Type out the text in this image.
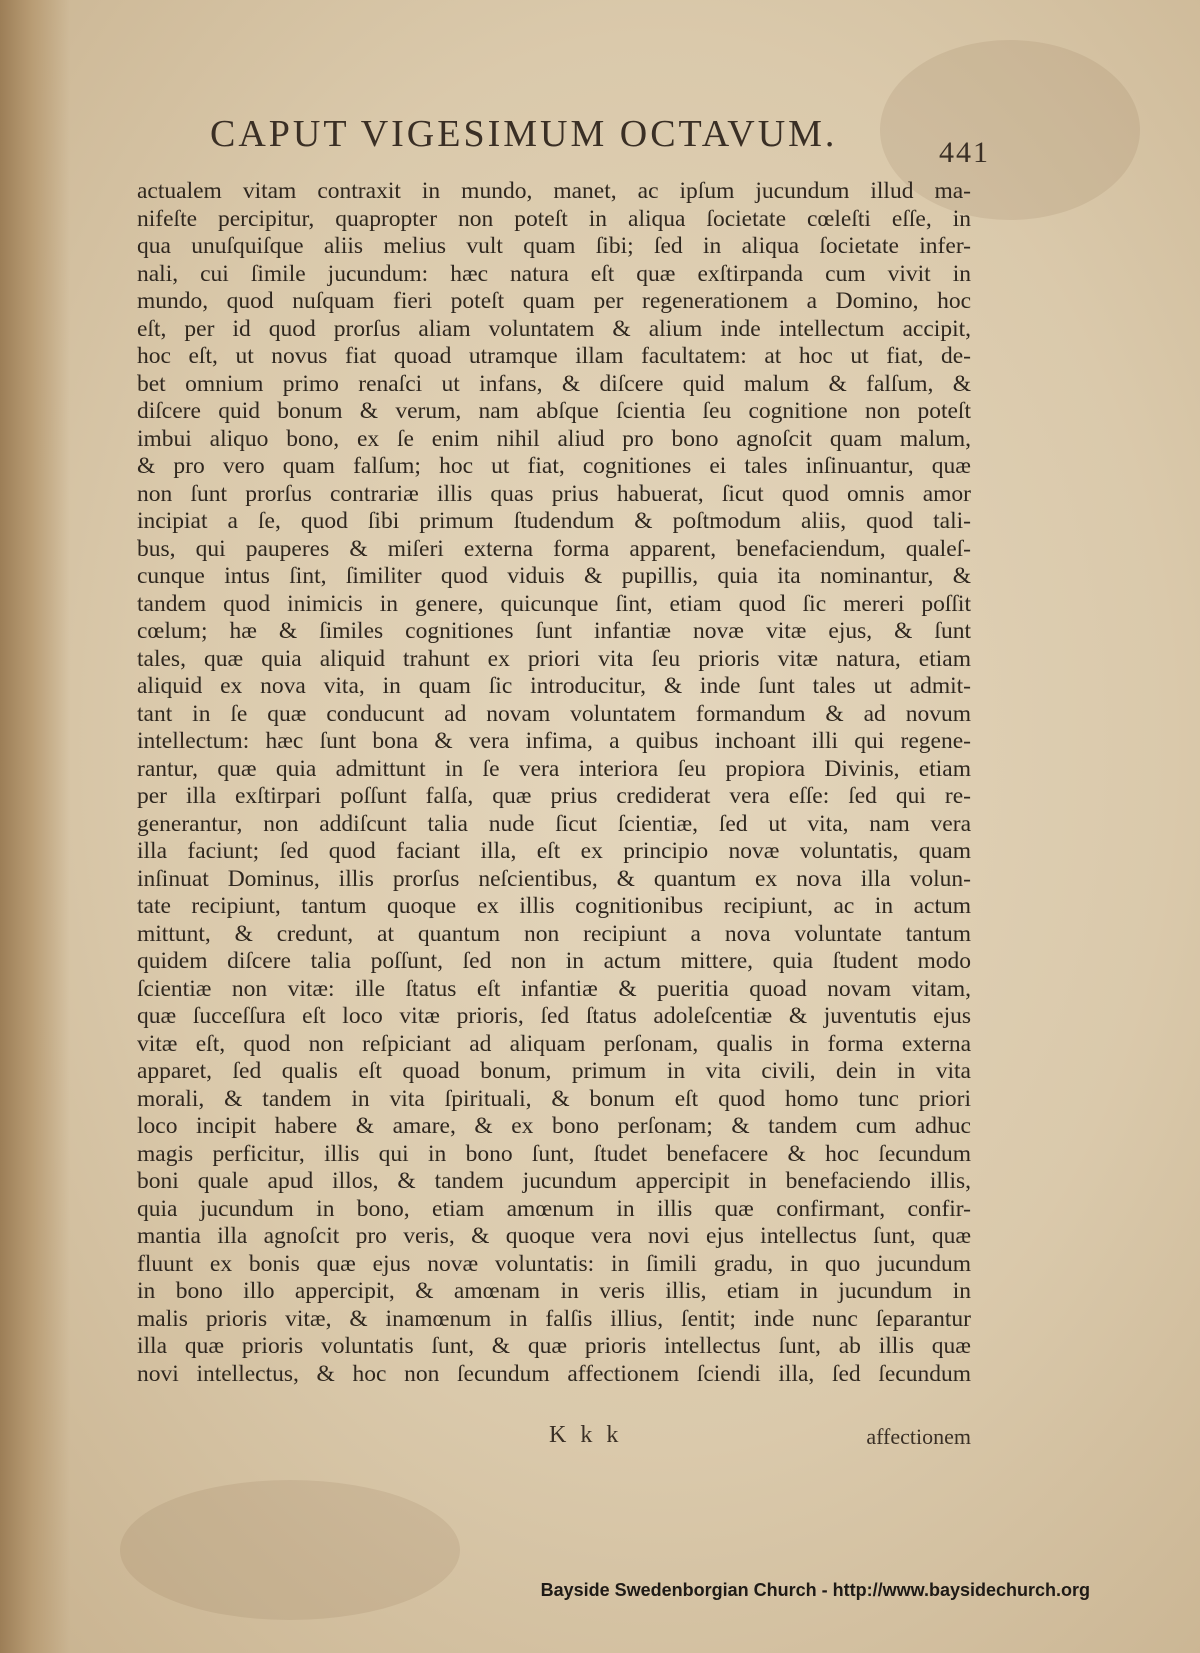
CAPUT VIGESIMUM OCTAVUM.	441
actualem vitam contraxit in mundo, manet, ac ipſum jucundum illud ma-
nifeſte percipitur, quapropter non poteſt in aliqua ſocietate cœleſti eſſe, in
qua unuſquiſque aliis melius vult quam ſibi; ſed in aliqua ſocietate infer-
nali, cui ſimile jucundum: hæc natura eſt quæ exſtirpanda cum vivit in
mundo, quod nuſquam fieri poteſt quam per regenerationem a Domino, hoc
eſt, per id quod prorſus aliam voluntatem & alium inde intellectum accipit,
hoc eſt, ut novus fiat quoad utramque illam facultatem: at hoc ut fiat, de-
bet omnium primo renaſci ut infans, & diſcere quid malum & falſum, &
diſcere quid bonum & verum, nam abſque ſcientia ſeu cognitione non poteſt
imbui aliquo bono, ex ſe enim nihil aliud pro bono agnoſcit quam malum,
& pro vero quam falſum; hoc ut fiat, cognitiones ei tales inſinuantur, quæ
non ſunt prorſus contrariæ illis quas prius habuerat, ſicut quod omnis amor
incipiat a ſe, quod ſibi primum ſtudendum & poſtmodum aliis, quod tali-
bus, qui pauperes & miſeri externa forma apparent, benefaciendum, qualeſ-
cunque intus ſint, ſimiliter quod viduis & pupillis, quia ita nominantur, &
tandem quod inimicis in genere, quicunque ſint, etiam quod ſic mereri poſſit
cœlum; hæ & ſimiles cognitiones ſunt infantiæ novæ vitæ ejus, & ſunt
tales, quæ quia aliquid trahunt ex priori vita ſeu prioris vitæ natura, etiam
aliquid ex nova vita, in quam ſic introducitur, & inde ſunt tales ut admit-
tant in ſe quæ conducunt ad novam voluntatem formandum & ad novum
intellectum: hæc ſunt bona & vera infima, a quibus inchoant illi qui regene-
rantur, quæ quia admittunt in ſe vera interiora ſeu propiora Divinis, etiam
per illa exſtirpari poſſunt falſa, quæ prius crediderat vera eſſe: ſed qui re-
generantur, non addiſcunt talia nude ſicut ſcientiæ, ſed ut vita, nam vera
illa faciunt; ſed quod faciant illa, eſt ex principio novæ voluntatis, quam
inſinuat Dominus, illis prorſus neſcientibus, & quantum ex nova illa volun-
tate recipiunt, tantum quoque ex illis cognitionibus recipiunt, ac in actum
mittunt, & credunt, at quantum non recipiunt a nova voluntate tantum
quidem diſcere talia poſſunt, ſed non in actum mittere, quia ſtudent modo
ſcientiæ non vitæ: ille ſtatus eſt infantiæ & pueritia quoad novam vitam,
quæ ſucceſſura eſt loco vitæ prioris, ſed ſtatus adoleſcentiæ & juventutis ejus
vitæ eſt, quod non reſpiciant ad aliquam perſonam, qualis in forma externa
apparet, ſed qualis eſt quoad bonum, primum in vita civili, dein in vita
morali, & tandem in vita ſpirituali, & bonum eſt quod homo tunc priori
loco incipit habere & amare, & ex bono perſonam; & tandem cum adhuc
magis perficitur, illis qui in bono ſunt, ſtudet benefacere & hoc ſecundum
boni quale apud illos, & tandem jucundum appercipit in benefaciendo illis,
quia jucundum in bono, etiam amœnum in illis quæ confirmant, confir-
mantia illa agnoſcit pro veris, & quoque vera novi ejus intellectus ſunt, quæ
fluunt ex bonis quæ ejus novæ voluntatis: in ſimili gradu, in quo jucundum
in bono illo appercipit, & amœnam in veris illis, etiam in jucundum in
malis prioris vitæ, & inamœnum in falſis illius, ſentit; inde nunc ſeparantur
illa quæ prioris voluntatis ſunt, & quæ prioris intellectus ſunt, ab illis quæ
novi intellectus, & hoc non ſecundum affectionem ſciendi illa, ſed ſecundum
K k k	affectionem
Bayside Swedenborgian Church - http://www.baysidechurch.org
